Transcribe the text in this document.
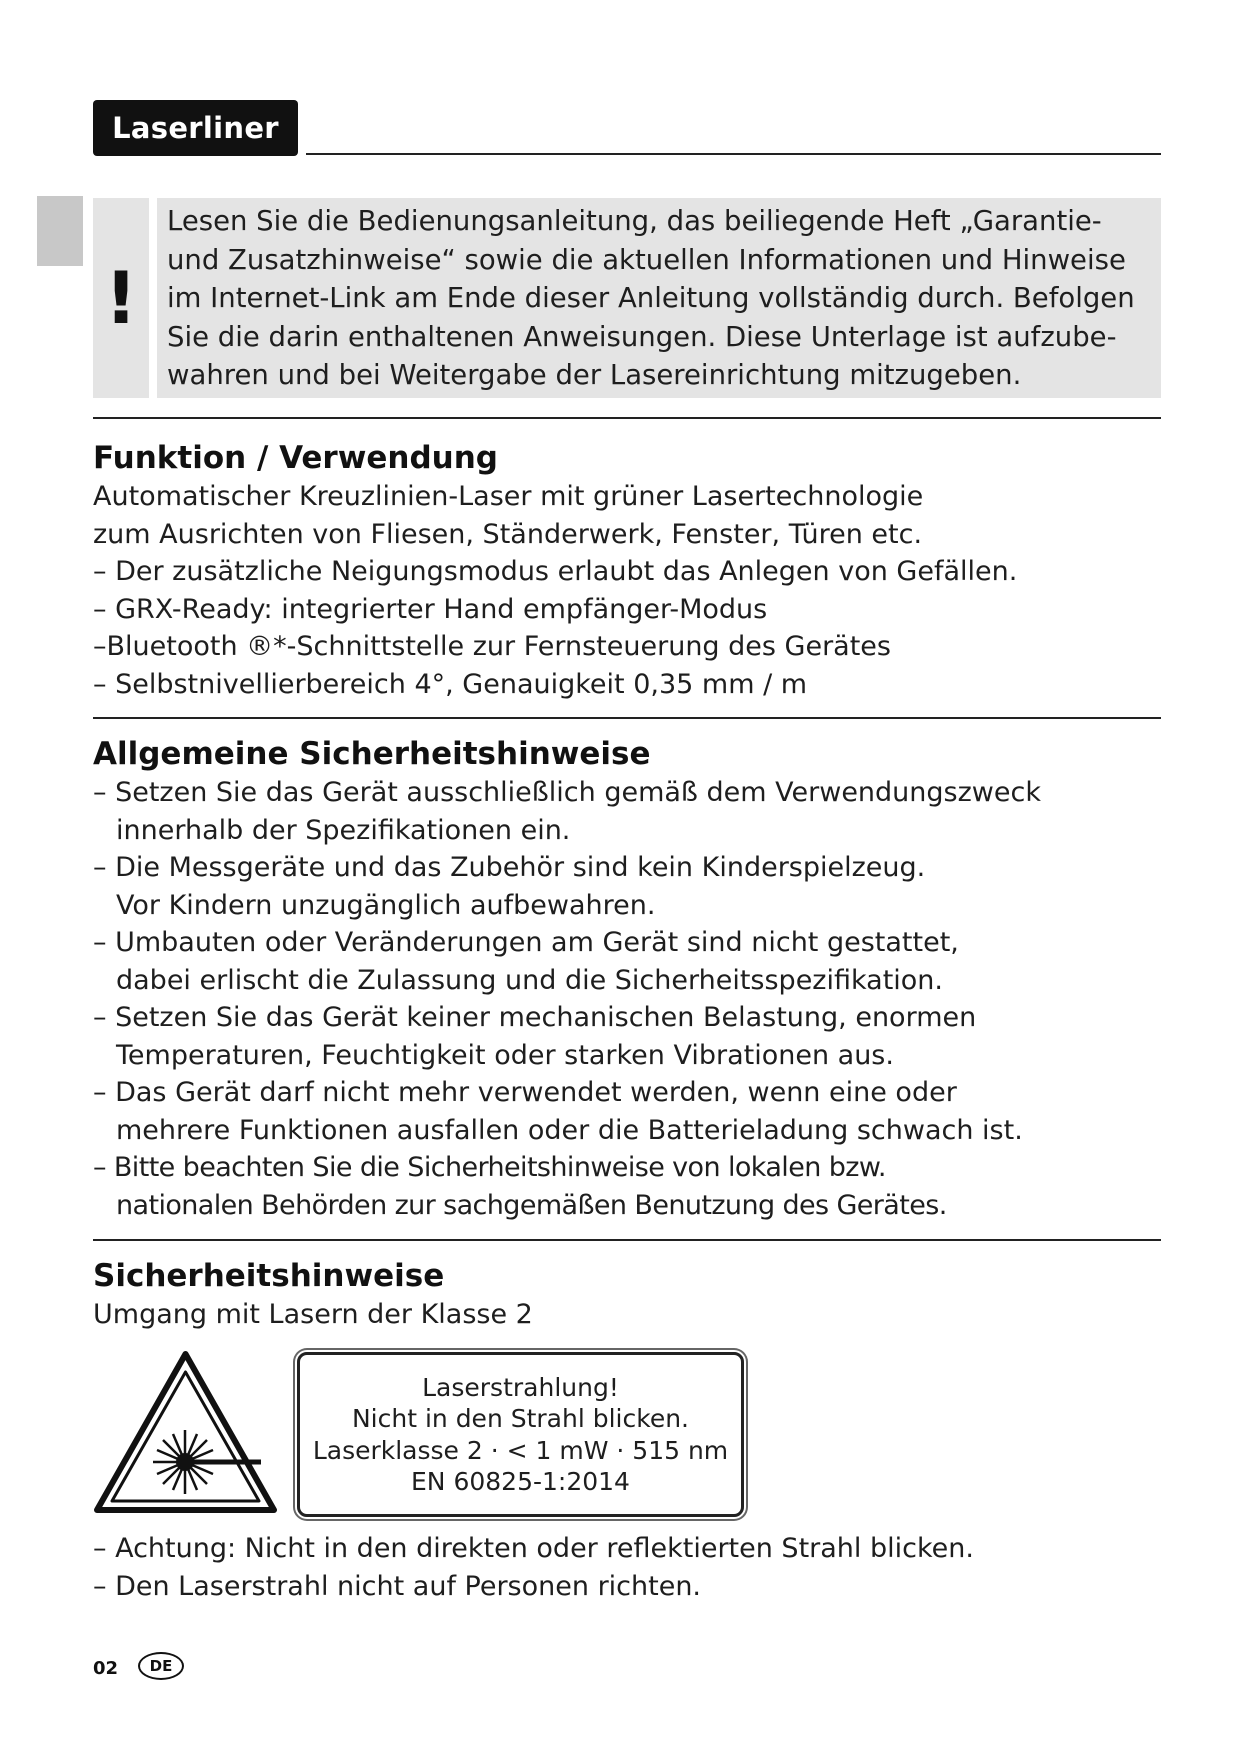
Laserliner
!
Lesen Sie die Bedienungsanleitung, das beiliegende Heft „Garantie-
und Zusatzhinweise“ sowie die aktuellen Informationen und Hinweise
im Internet-Link am Ende dieser Anleitung vollständig durch. Befolgen
Sie die darin enthaltenen Anweisungen. Diese Unterlage ist aufzube-
wahren und bei Weitergabe der Lasereinrichtung mitzugeben.
Funktion / Verwendung
Automatischer Kreuzlinien-Laser mit grüner Lasertechnologie
zum Ausrichten von Fliesen, Ständerwerk, Fenster, Türen etc.
– Der zusätzliche Neigungsmodus erlaubt das Anlegen von Gefällen.
– GRX-Ready: integrierter Hand empfänger-Modus
–Bluetooth ®*-Schnittstelle zur Fernsteuerung des Gerätes
– Selbstnivellierbereich 4°, Genauigkeit 0,35 mm / m
Allgemeine Sicherheitshinweise
– Setzen Sie das Gerät ausschließlich gemäß dem Verwendungszweck
innerhalb der Spezifikationen ein.
– Die Messgeräte und das Zubehör sind kein Kinderspielzeug.
Vor Kindern unzugänglich aufbewahren.
– Umbauten oder Veränderungen am Gerät sind nicht gestattet,
dabei erlischt die Zulassung und die Sicherheitsspezifikation.
– Setzen Sie das Gerät keiner mechanischen Belastung, enormen
Temperaturen, Feuchtigkeit oder starken Vibrationen aus.
– Das Gerät darf nicht mehr verwendet werden, wenn eine oder
mehrere Funktionen ausfallen oder die Batterieladung schwach ist.
– Bitte beachten Sie die Sicherheitshinweise von lokalen bzw.
nationalen Behörden zur sachgemäßen Benutzung des Gerätes.
Sicherheitshinweise
Umgang mit Lasern der Klasse 2
Laserstrahlung!
Nicht in den Strahl blicken.
Laserklasse 2 · < 1 mW · 515 nm
EN 60825-1:2014
– Achtung: Nicht in den direkten oder reflektierten Strahl blicken.
– Den Laserstrahl nicht auf Personen richten.
02	DE
